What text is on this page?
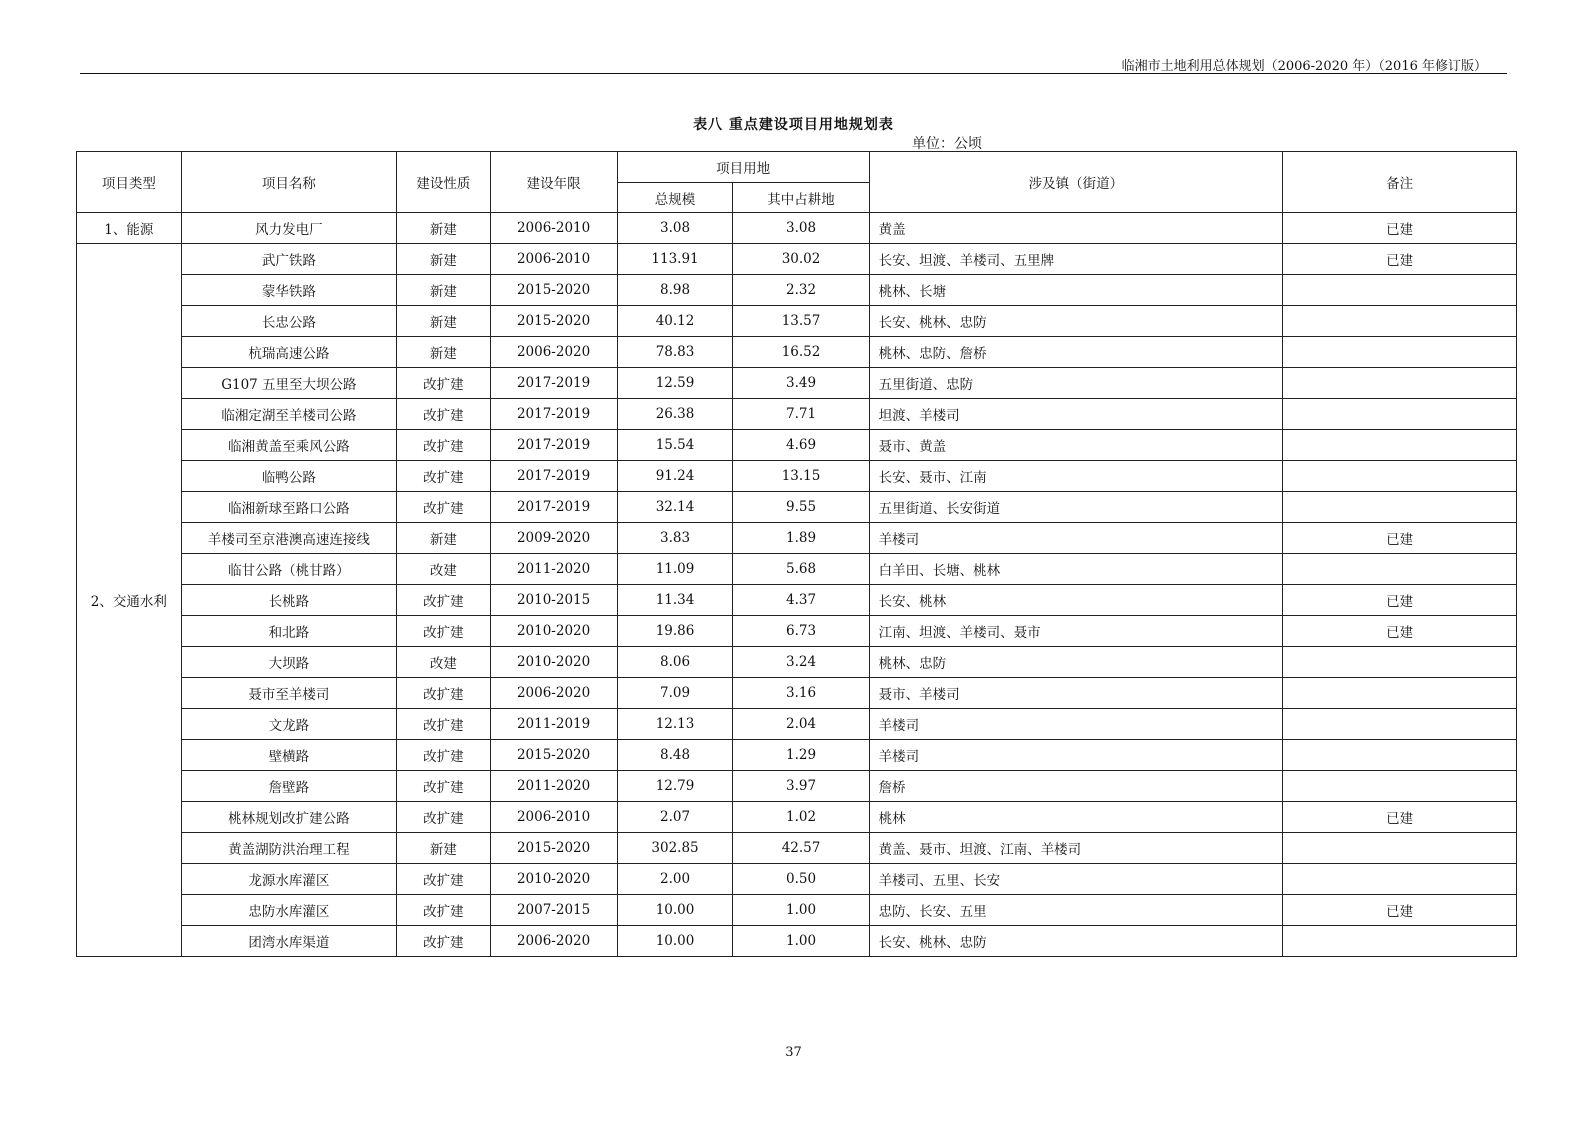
临湘市土地利用总体规划（2006-2020 年）（2016 年修订版）
表八 重点建设项目用地规划表
单位：公顷
项目类型	项目名称	建设性质	建设年限	项目用地		涉及镇（街道）	备注
				总规模	其中占耕地		
1、能源	风力发电厂	新建	2006-2010	3.08	3.08	黄盖	已建
2、交通水利	武广铁路	新建	2006-2010	113.91	30.02	长安、坦渡、羊楼司、五里牌	已建
	蒙华铁路	新建	2015-2020	8.98	2.32	桃林、长塘	
	长忠公路	新建	2015-2020	40.12	13.57	长安、桃林、忠防	
	杭瑞高速公路	新建	2006-2020	78.83	16.52	桃林、忠防、詹桥	
	G107 五里至大坝公路	改扩建	2017-2019	12.59	3.49	五里街道、忠防	
	临湘定湖至羊楼司公路	改扩建	2017-2019	26.38	7.71	坦渡、羊楼司	
	临湘黄盖至乘风公路	改扩建	2017-2019	15.54	4.69	聂市、黄盖	
	临鸭公路	改扩建	2017-2019	91.24	13.15	长安、聂市、江南	
	临湘新球至路口公路	改扩建	2017-2019	32.14	9.55	五里街道、长安街道	
	羊楼司至京港澳高速连接线	新建	2009-2020	3.83	1.89	羊楼司	已建
	临甘公路（桃甘路）	改建	2011-2020	11.09	5.68	白羊田、长塘、桃林	
	长桃路	改扩建	2010-2015	11.34	4.37	长安、桃林	已建
	和北路	改扩建	2010-2020	19.86	6.73	江南、坦渡、羊楼司、聂市	已建
	大坝路	改建	2010-2020	8.06	3.24	桃林、忠防	
	聂市至羊楼司	改扩建	2006-2020	7.09	3.16	聂市、羊楼司	
	文龙路	改扩建	2011-2019	12.13	2.04	羊楼司	
	壁横路	改扩建	2015-2020	8.48	1.29	羊楼司	
	詹壁路	改扩建	2011-2020	12.79	3.97	詹桥	
	桃林规划改扩建公路	改扩建	2006-2010	2.07	1.02	桃林	已建
	黄盖湖防洪治理工程	新建	2015-2020	302.85	42.57	黄盖、聂市、坦渡、江南、羊楼司	
	龙源水库灌区	改扩建	2010-2020	2.00	0.50	羊楼司、五里、长安	
	忠防水库灌区	改扩建	2007-2015	10.00	1.00	忠防、长安、五里	已建
	团湾水库渠道	改扩建	2006-2020	10.00	1.00	长安、桃林、忠防	
37
